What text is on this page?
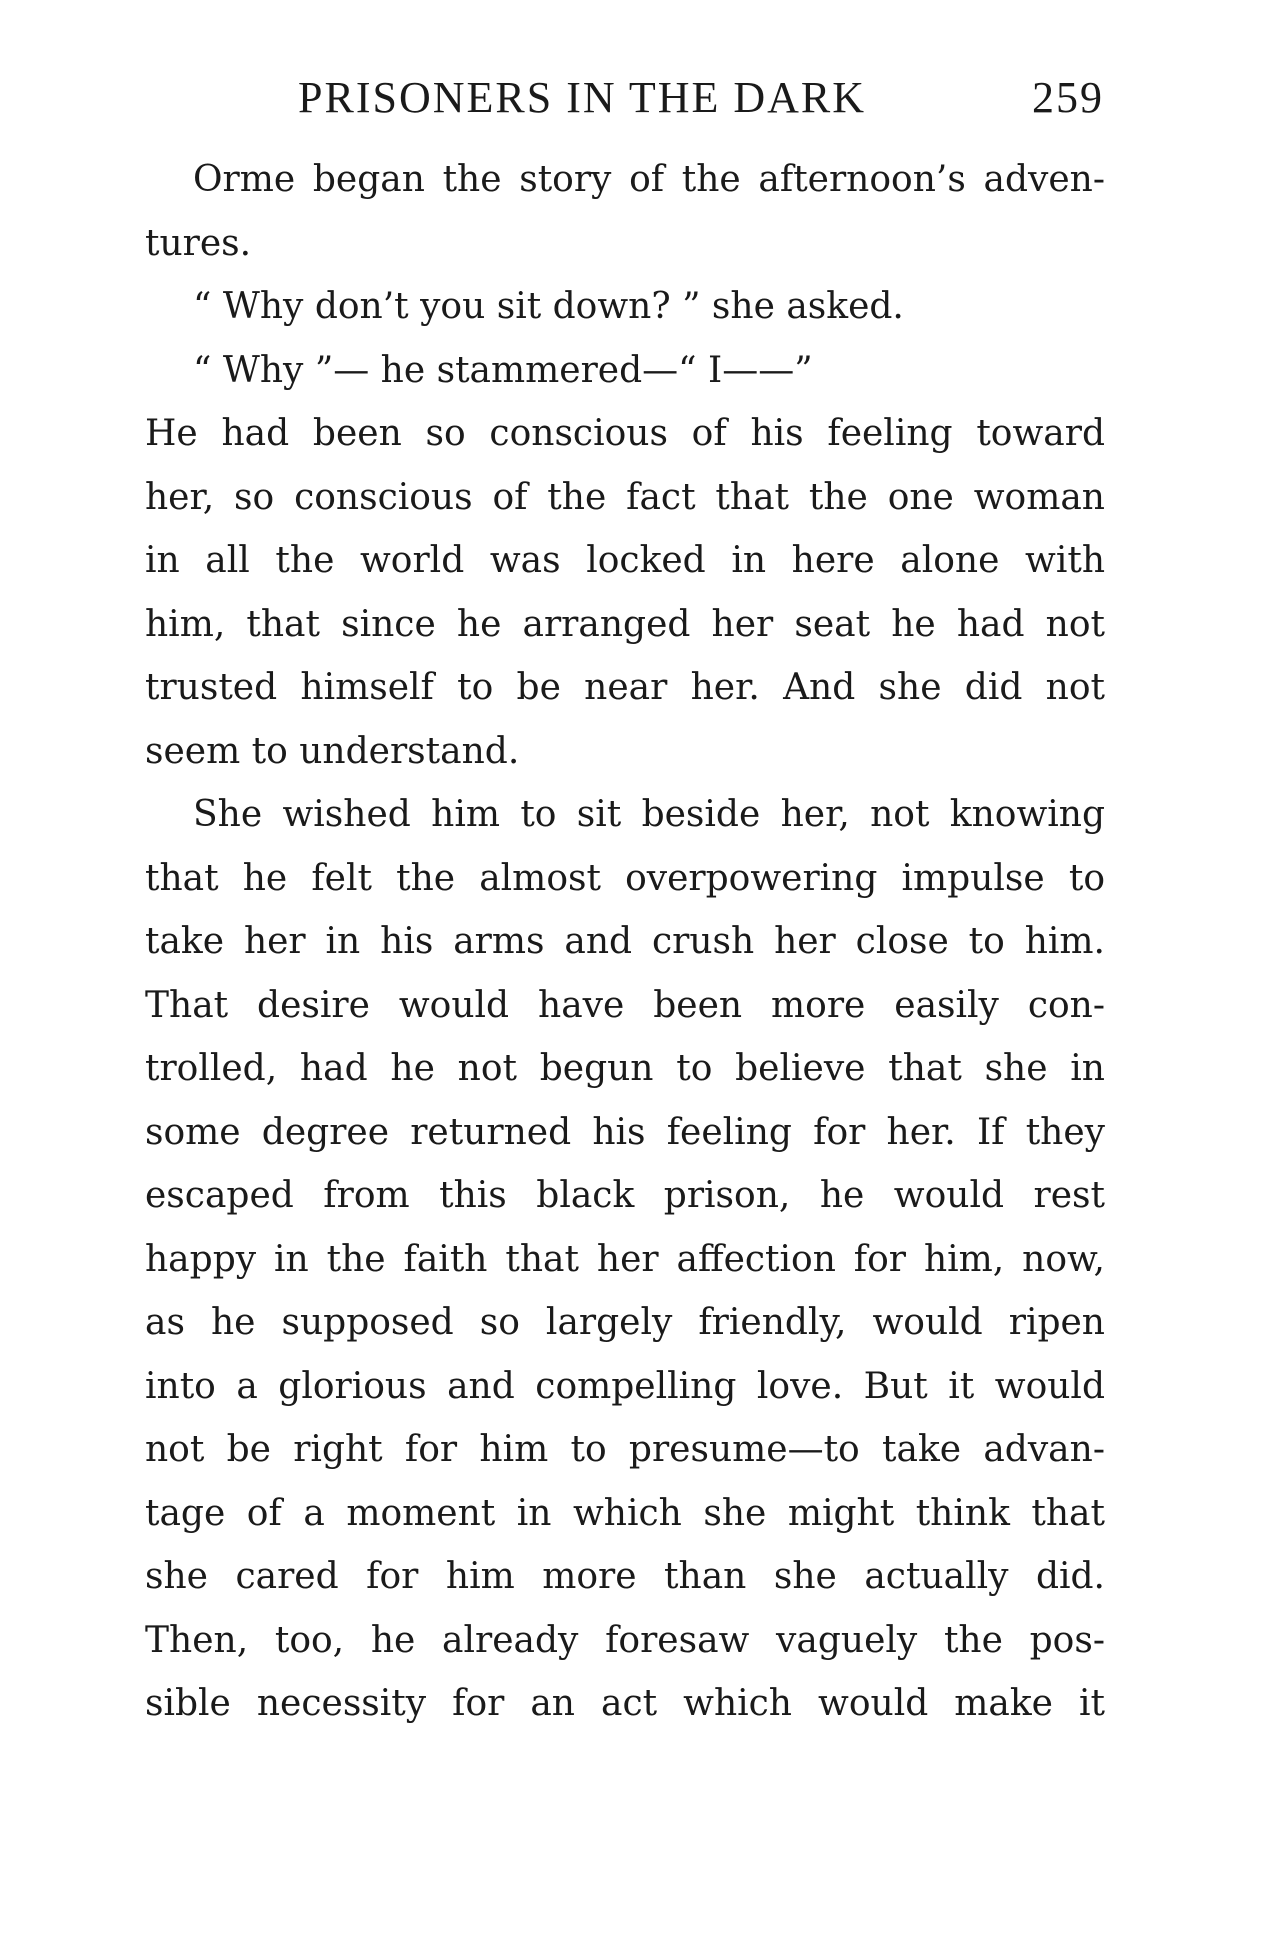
PRISONERS IN THE DARK	259
Orme began the story of the afternoon’s adven-
tures.
“ Why don’t you sit down? ” she asked.
“ Why ”— he stammered—“ I——”
He had been so conscious of his feeling toward
her, so conscious of the fact that the one woman
in all the world was locked in here alone with
him, that since he arranged her seat he had not
trusted himself to be near her. And she did not
seem to understand.
She wished him to sit beside her, not knowing
that he felt the almost overpowering impulse to
take her in his arms and crush her close to him.
That desire would have been more easily con-
trolled, had he not begun to believe that she in
some degree returned his feeling for her. If they
escaped from this black prison, he would rest
happy in the faith that her affection for him, now,
as he supposed so largely friendly, would ripen
into a glorious and compelling love. But it would
not be right for him to presume—to take advan-
tage of a moment in which she might think that
she cared for him more than she actually did.
Then, too, he already foresaw vaguely the pos-
sible necessity for an act which would make it
